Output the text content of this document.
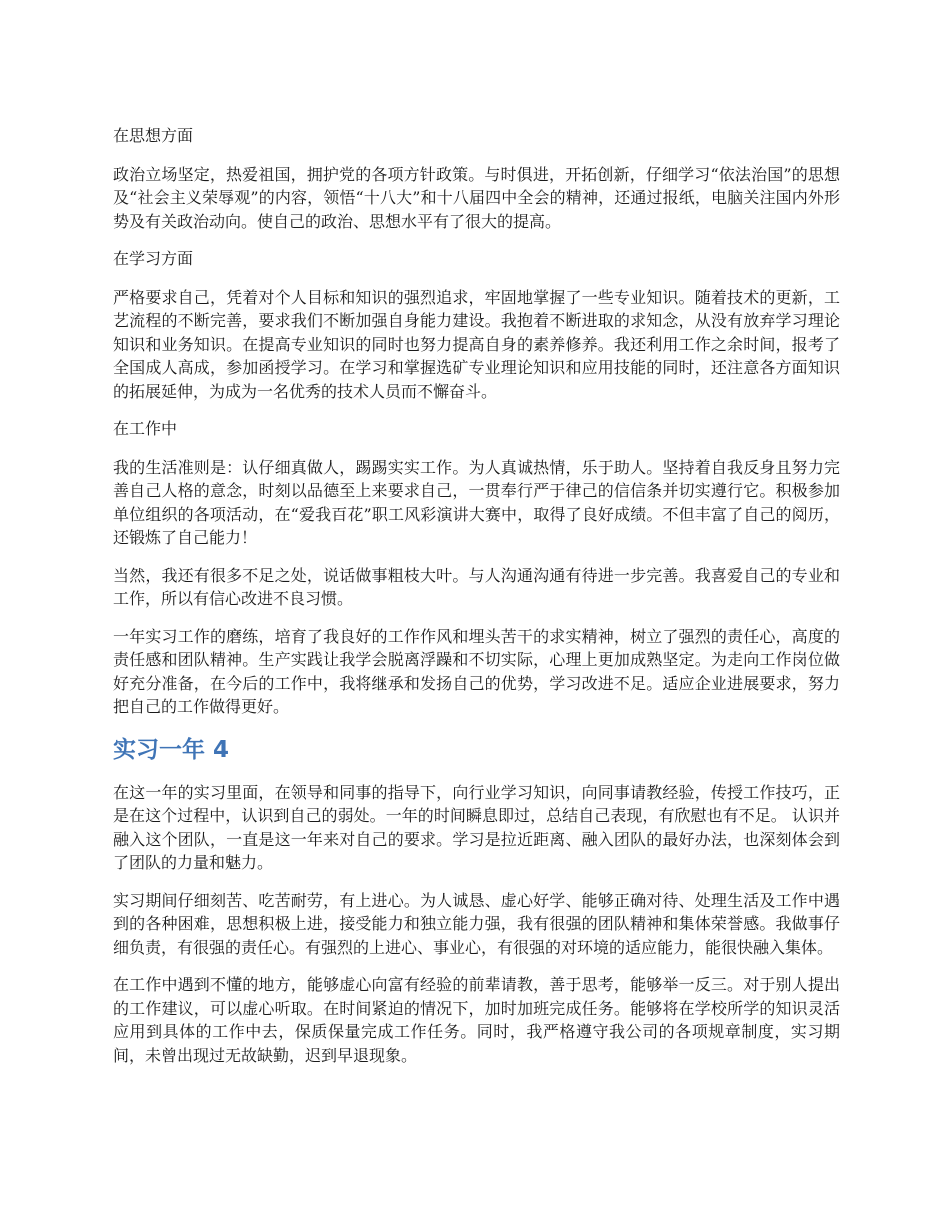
在思想方面

政治立场坚定，热爱祖国，拥护党的各项方针政策。与时俱进，开拓创新，仔细学习“依法治国”的思想及“社会主义荣辱观”的内容，领悟“十八大”和十八届四中全会的精神，还通过报纸，电脑关注国内外形势及有关政治动向。使自己的政治、思想水平有了很大的提高。

在学习方面

严格要求自己，凭着对个人目标和知识的强烈追求，牢固地掌握了一些专业知识。随着技术的更新，工艺流程的不断完善，要求我们不断加强自身能力建设。我抱着不断进取的求知念，从没有放弃学习理论知识和业务知识。在提高专业知识的同时也努力提高自身的素养修养。我还利用工作之余时间，报考了全国成人高成，参加函授学习。在学习和掌握选矿专业理论知识和应用技能的同时，还注意各方面知识的拓展延伸，为成为一名优秀的技术人员而不懈奋斗。

在工作中

我的生活准则是：认仔细真做人，踢踢实实工作。为人真诚热情，乐于助人。坚持着自我反身且努力完善自己人格的意念，时刻以品德至上来要求自己，一贯奉行严于律己的信信条并切实遵行它。积极参加单位组织的各项活动，在“爱我百花”职工风彩演讲大赛中，取得了良好成绩。不但丰富了自己的阅历，还锻炼了自己能力！

当然，我还有很多不足之处，说话做事粗枝大叶。与人沟通沟通有待进一步完善。我喜爱自己的专业和工作，所以有信心改进不良习惯。

一年实习工作的磨练，培育了我良好的工作作风和埋头苦干的求实精神，树立了强烈的责任心，高度的责任感和团队精神。生产实践让我学会脱离浮躁和不切实际，心理上更加成熟坚定。为走向工作岗位做好充分准备，在今后的工作中，我将继承和发扬自己的优势，学习改进不足。适应企业进展要求，努力把自己的工作做得更好。

实习一年 4

在这一年的实习里面，在领导和同事的指导下，向行业学习知识，向同事请教经验，传授工作技巧，正是在这个过程中，认识到自己的弱处。一年的时间瞬息即过，总结自己表现，有欣慰也有不足。 认识并融入这个团队，一直是这一年来对自己的要求。学习是拉近距离、融入团队的最好办法，也深刻体会到了团队的力量和魅力。

实习期间仔细刻苦、吃苦耐劳，有上进心。为人诚恳、虚心好学、能够正确对待、处理生活及工作中遇到的各种困难，思想积极上进，接受能力和独立能力强，我有很强的团队精神和集体荣誉感。我做事仔细负责，有很强的责任心。有强烈的上进心、事业心，有很强的对环境的适应能力，能很快融入集体。

在工作中遇到不懂的地方，能够虚心向富有经验的前辈请教，善于思考，能够举一反三。对于别人提出的工作建议，可以虚心听取。在时间紧迫的情况下，加时加班完成任务。能够将在学校所学的知识灵活应用到具体的工作中去，保质保量完成工作任务。同时，我严格遵守我公司的各项规章制度，实习期间，未曾出现过无故缺勤，迟到早退现象。
